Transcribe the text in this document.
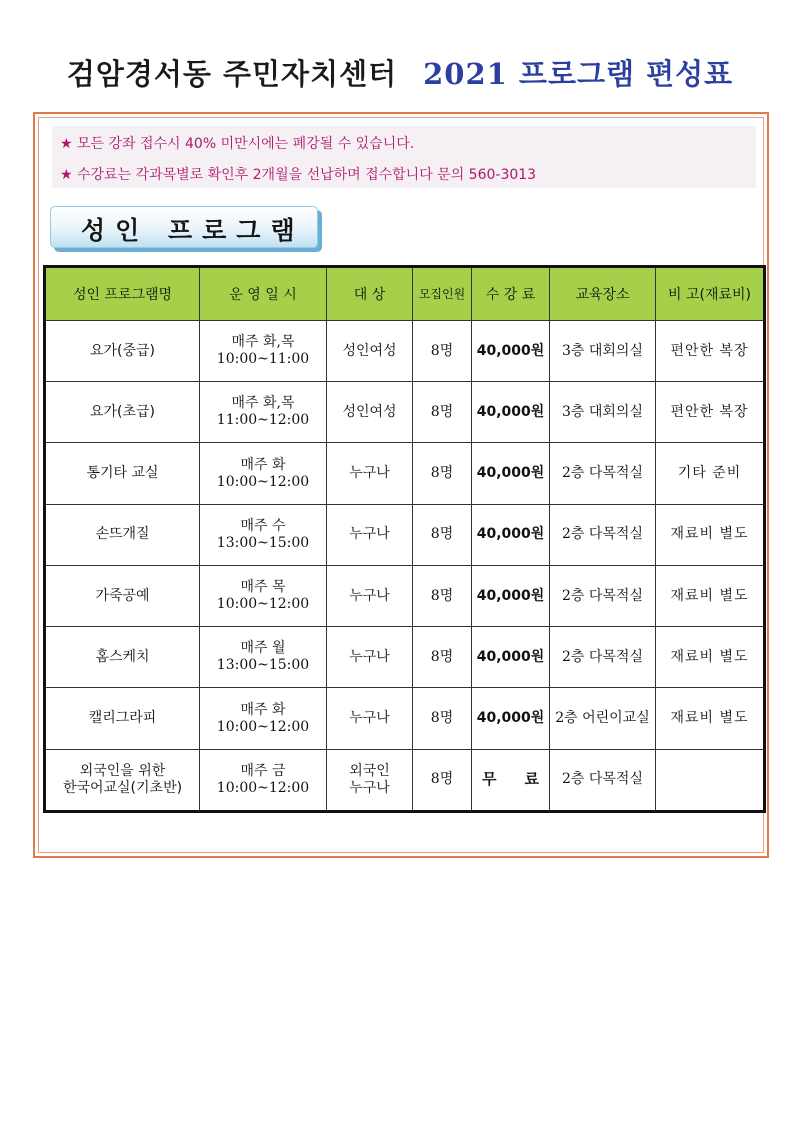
검암경서동 주민자치센터 2021 프로그램 편성표
★ 모든 강좌 접수시 40% 미만시에는 폐강될 수 있습니다.
★ 수강료는 각과목별로 확인후 2개월을 선납하며 접수합니다 문의 560-3013
성인 프로그램
성인 프로그램명	운 영 일 시	대 상	모집인원	수 강 료	교육장소	비 고(재료비)

요가(중급)	매주 화,목
10:00~11:00	성인여성	8명	40,000원	3층 대회의실	편안한 복장

요가(초급)	매주 화,목
11:00~12:00	성인여성	8명	40,000원	3층 대회의실	편안한 복장

통기타 교실	매주 화
10:00~12:00	누구나	8명	40,000원	2층 다목적실	기타 준비

손뜨개질	매주 수
13:00~15:00	누구나	8명	40,000원	2층 다목적실	재료비 별도

가죽공예	매주 목
10:00~12:00	누구나	8명	40,000원	2층 다목적실	재료비 별도

홈스케치	매주 월
13:00~15:00	누구나	8명	40,000원	2층 다목적실	재료비 별도

캘리그라피	매주 화
10:00~12:00	누구나	8명	40,000원	2층 어린이교실	재료비 별도

외국인을 위한
한국어교실(기초반)	매주 금
10:00~12:00	외국인
누구나	8명	무 료	2층 다목적실	
